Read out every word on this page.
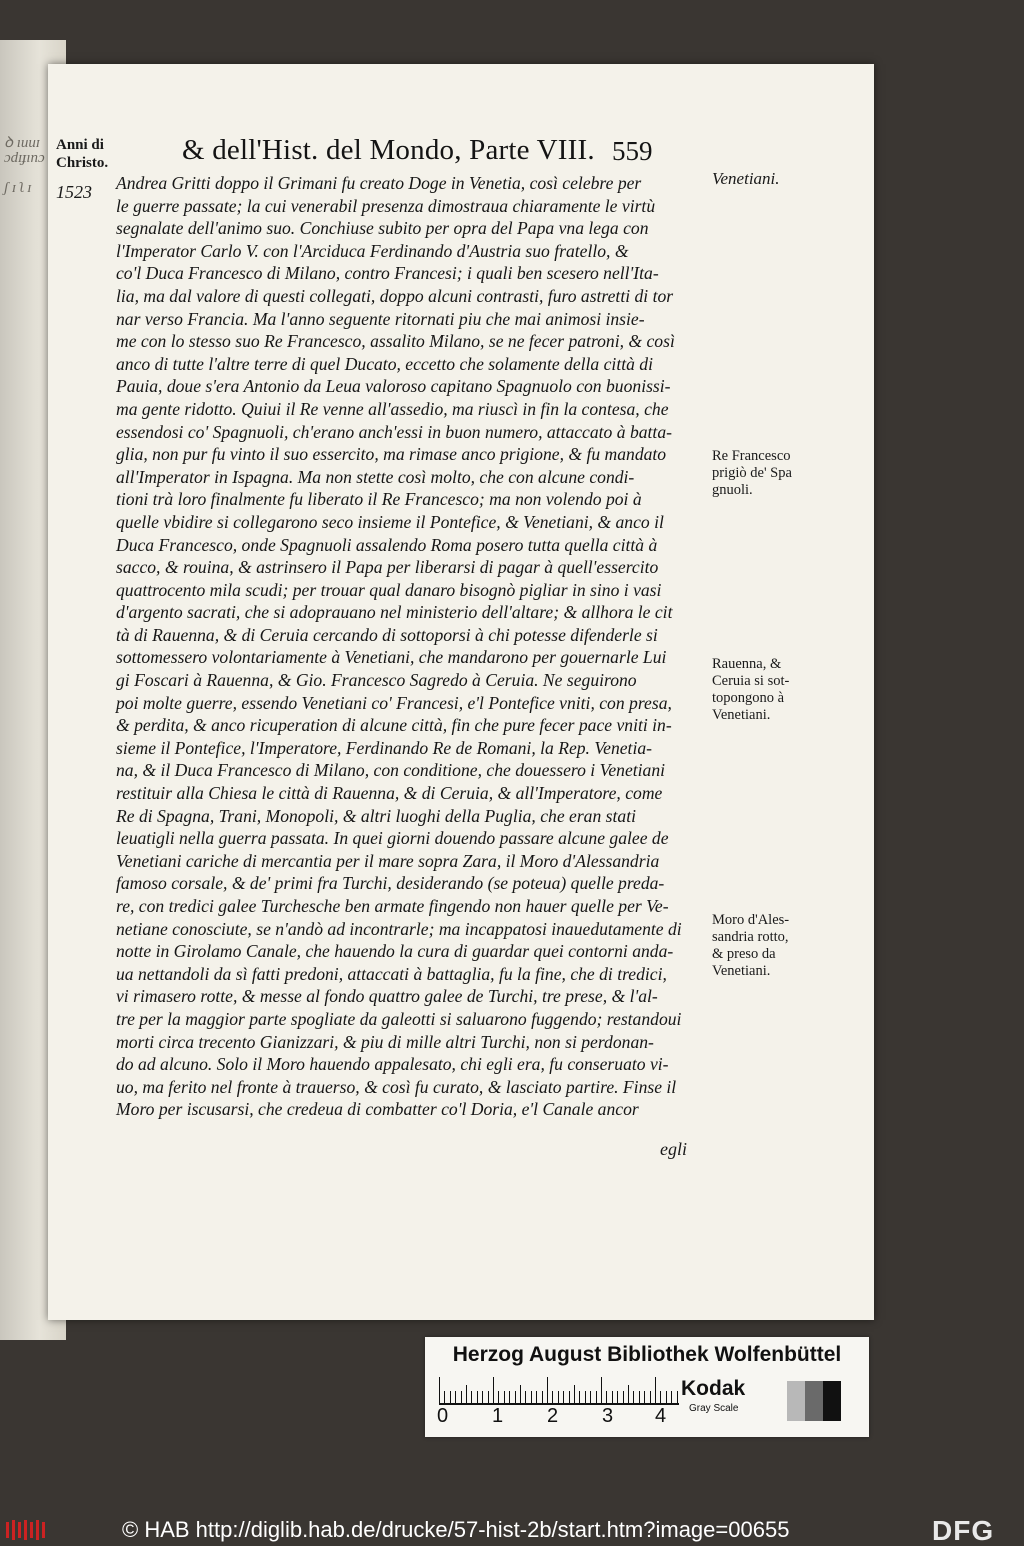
ꝺ ıuuɪ
ɔdɪɟınɔ
ʃ ɪ ʅ ɪ
Anni di
Christo.
1523
& dell'Hist. del Mondo, Parte VIII. 559
Andrea Gritti doppo il Grimani fu creato Doge in Venetia, così celebre per
le guerre passate; la cui venerabil presenza dimostraua chiaramente le virtù
segnalate dell'animo suo. Conchiuse subito per opra del Papa vna lega con
l'Imperator Carlo V. con l'Arciduca Ferdinando d'Austria suo fratello, &
co'l Duca Francesco di Milano, contro Francesi; i quali ben scesero nell'Ita-
lia, ma dal valore di questi collegati, doppo alcuni contrasti, furo astretti di tor
nar verso Francia. Ma l'anno seguente ritornati piu che mai animosi insie-
me con lo stesso suo Re Francesco, assalito Milano, se ne fecer patroni, & così
anco di tutte l'altre terre di quel Ducato, eccetto che solamente della città di
Pauia, doue s'era Antonio da Leua valoroso capitano Spagnuolo con buonissi-
ma gente ridotto. Quiui il Re venne all'assedio, ma riuscì in fin la contesa, che
essendosi co' Spagnuoli, ch'erano anch'essi in buon numero, attaccato à batta-
glia, non pur fu vinto il suo essercito, ma rimase anco prigione, & fu mandato
all'Imperator in Ispagna. Ma non stette così molto, che con alcune condi-
tioni trà loro finalmente fu liberato il Re Francesco; ma non volendo poi à
quelle vbidire si collegarono seco insieme il Pontefice, & Venetiani, & anco il
Duca Francesco, onde Spagnuoli assalendo Roma posero tutta quella città à
sacco, & rouina, & astrinsero il Papa per liberarsi di pagar à quell'essercito
quattrocento mila scudi; per trouar qual danaro bisognò pigliar in sino i vasi
d'argento sacrati, che si adoprauano nel ministerio dell'altare; & allhora le cit
tà di Rauenna, & di Ceruia cercando di sottoporsi à chi potesse difenderle si
sottomessero volontariamente à Venetiani, che mandarono per gouernarle Lui
gi Foscari à Rauenna, & Gio. Francesco Sagredo à Ceruia. Ne seguirono
poi molte guerre, essendo Venetiani co' Francesi, e'l Pontefice vniti, con presa,
& perdita, & anco ricuperation di alcune città, fin che pure fecer pace vniti in-
sieme il Pontefice, l'Imperatore, Ferdinando Re de Romani, la Rep. Venetia-
na, & il Duca Francesco di Milano, con conditione, che douessero i Venetiani
restituir alla Chiesa le città di Rauenna, & di Ceruia, & all'Imperatore, come
Re di Spagna, Trani, Monopoli, & altri luoghi della Puglia, che eran stati
leuatigli nella guerra passata. In quei giorni douendo passare alcune galee de
Venetiani cariche di mercantia per il mare sopra Zara, il Moro d'Alessandria
famoso corsale, & de' primi fra Turchi, desiderando (se poteua) quelle preda-
re, con tredici galee Turchesche ben armate fingendo non hauer quelle per Ve-
netiane conosciute, se n'andò ad incontrarle; ma incappatosi inauedutamente di
notte in Girolamo Canale, che hauendo la cura di guardar quei contorni anda-
ua nettandoli da sì fatti predoni, attaccati à battaglia, fu la fine, che di tredici,
vi rimasero rotte, & messe al fondo quattro galee de Turchi, tre prese, & l'al-
tre per la maggior parte spogliate da galeotti si saluarono fuggendo; restandoui
morti circa trecento Gianizzari, & piu di mille altri Turchi, non si perdonan-
do ad alcuno. Solo il Moro hauendo appalesato, chi egli era, fu conseruato vi-
uo, ma ferito nel fronte à trauerso, & così fu curato, & lasciato partire. Finse il
Moro per iscusarsi, che credeua di combatter co'l Doria, e'l Canale ancor
Venetiani.
Re Francesco
prigiò de' Spa
gnuoli.
Rauenna, &
Ceruia si sot-
topongono à
Venetiani.
Moro d'Ales-
sandria rotto,
& preso da
Venetiani.
egli
Herzog August Bibliothek Wolfenbüttel
0 1 2 3 4
Kodak
Gray Scale
© HAB http://diglib.hab.de/drucke/57-hist-2b/start.htm?image=00655	DFG
